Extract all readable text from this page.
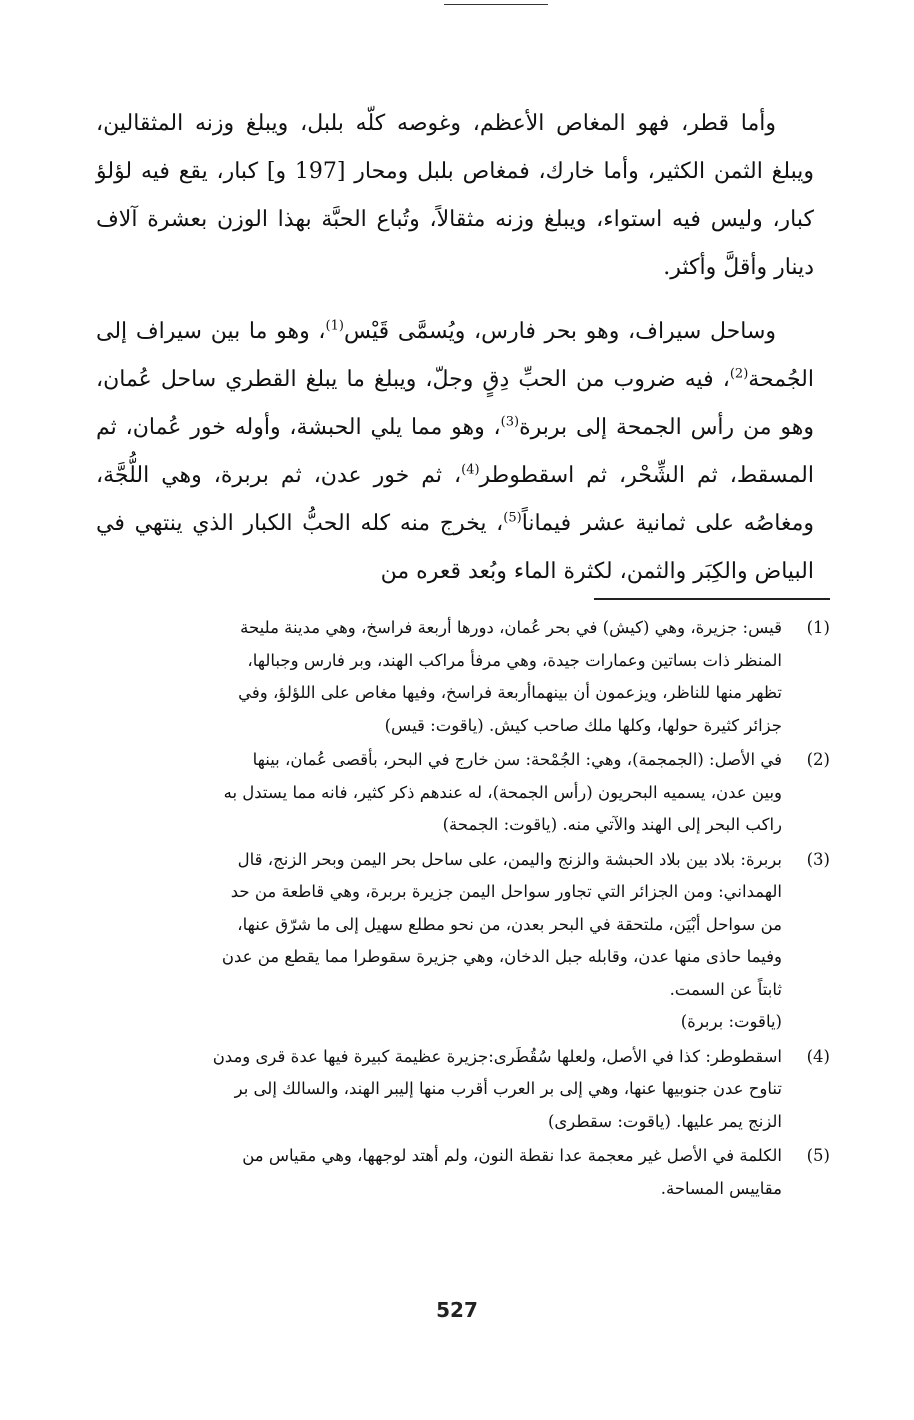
وأما قطر، فهو المغاص الأعظم، وغوصه كلّه بلبل، ويبلغ وزنه المثقالين، ويبلغ الثمن الكثير، وأما خارك، فمغاص بلبل ومحار [197 و] كبار، يقع فيه لؤلؤ كبار، وليس فيه استواء، ويبلغ وزنه مثقالاً، وتُباع الحبَّة بهذا الوزن بعشرة آلاف دينار وأقلَّ وأكثر.

وساحل سيراف، وهو بحر فارس، ويُسمَّى قَيْس$^{(1)}$، وهو ما بين سيراف إلى الجُمحة$^{(2)}$، فيه ضروب من الحبِّ دِقٍ وجلّ، ويبلغ ما يبلغ القطري ساحل عُمان، وهو من رأس الجمحة إلى بربرة$^{(3)}$، وهو مما يلي الحبشة، وأوله خور عُمان، ثم المسقط، ثم الشِّحْر، ثم اسقطوطر$^{(4)}$، ثم خور عدن، ثم بربرة، وهي اللُّجَّة، ومغاصُه على ثمانية عشر فيماناً$^{(5)}$، يخرج منه كله الحبُّ الكبار الذي ينتهي في البياض والكِبَر والثمن، لكثرة الماء وبُعد قعره من

(1)
قيس: جزيرة، وهي (كيش) في بحر عُمان، دورها أربعة فراسخ، وهي مدينة مليحة
المنظر ذات بساتين وعمارات جيدة، وهي مرفأ مراكب الهند، وبر فارس وجبالها،
تظهر منها للناظر، ويزعمون أن بينهماأربعة فراسخ، وفيها مغاص على اللؤلؤ، وفي
جزائر كثيرة حولها، وكلها ملك صاحب كيش. (ياقوت: قيس)
(2)
في الأصل: (الجمجمة)، وهي: الجُمْحة: سن خارج في البحر، بأقصى عُمان، بينها
وبين عدن، يسميه البحريون (رأس الجمحة)، له عندهم ذكر كثير، فانه مما يستدل به
راكب البحر إلى الهند والآتي منه. (ياقوت: الجمحة)
(3)
بربرة: بلاد بين بلاد الحبشة والزنج واليمن، على ساحل بحر اليمن وبحر الزنج، قال
الهمداني: ومن الجزائر التي تجاور سواحل اليمن جزيرة بربرة، وهي قاطعة من حد
من سواحل أبْيَن، ملتحقة في البحر بعدن، من نحو مطلع سهيل إلى ما شرّق عنها،
وفيما حاذى منها عدن، وقابله جبل الدخان، وهي جزيرة سقوطرا مما يقطع من عدن
ثابتاً عن السمت.
(ياقوت: بربرة)
(4)
اسقطوطر: كذا في الأصل، ولعلها سُقُطَرى:جزيرة عظيمة كبيرة فيها عدة قرى ومدن
تناوح عدن جنوبيها عنها، وهي إلى بر العرب أقرب منها إليبر الهند، والسالك إلى بر
الزنج يمر عليها. (ياقوت: سقطرى)
(5)
الكلمة في الأصل غير معجمة عدا نقطة النون، ولم أهتد لوجهها، وهي مقياس من
مقاييس المساحة.
527
